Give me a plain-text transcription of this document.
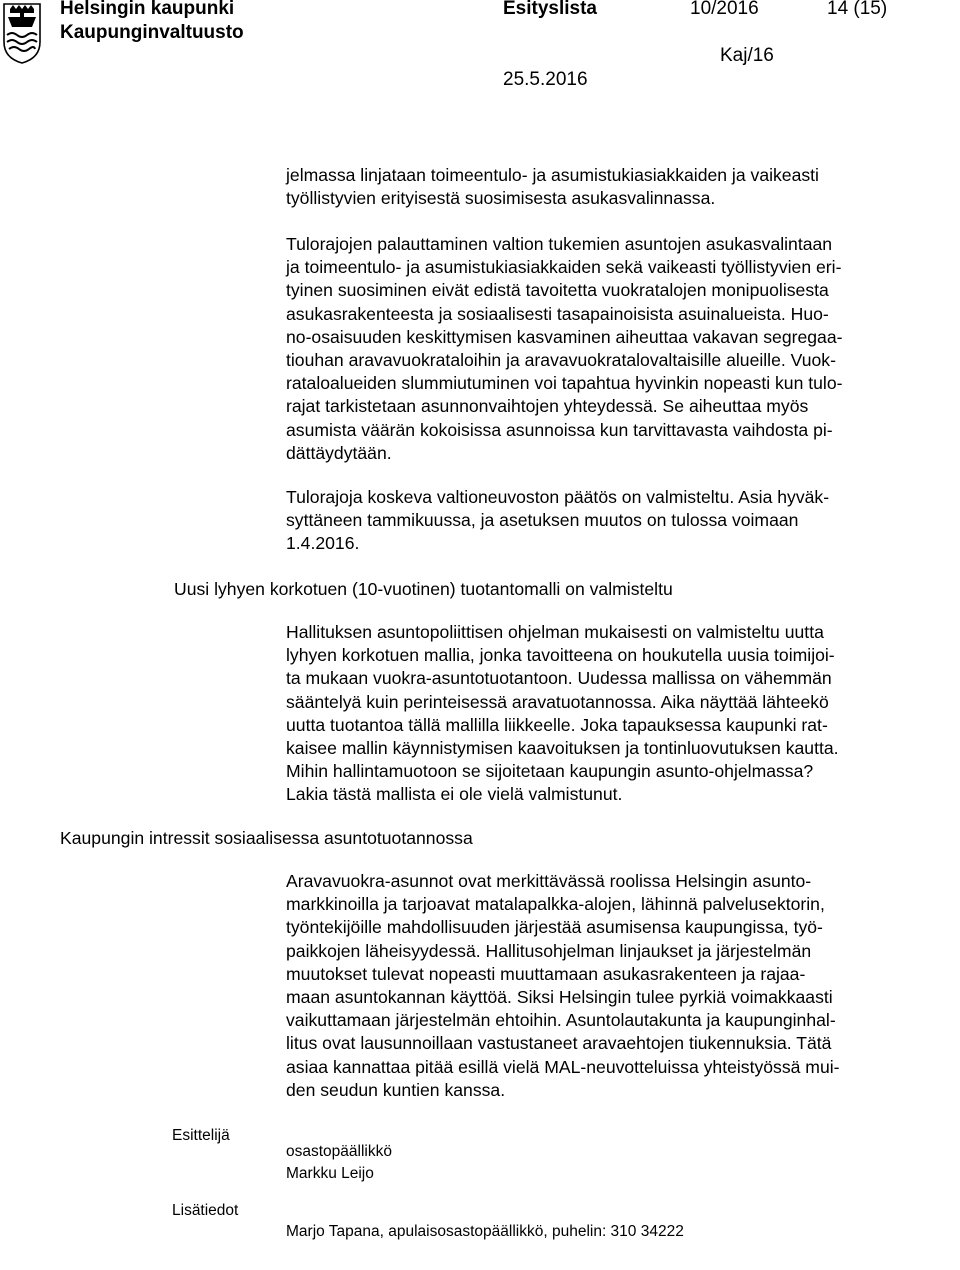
Helsingin kaupunki
Kaupunginvaltuusto
Esityslista	10/2016	14 (15)
Kaj/16
25.5.2016
jelmassa linjataan toimeentulo- ja asumistukiasiakkaiden ja vaikeasti
työllistyvien erityisestä suosimisesta asukasvalinnassa.
Tulorajojen palauttaminen valtion tukemien asuntojen asukasvalintaan
ja toimeentulo- ja asumistukiasiakkaiden sekä vaikeasti työllistyvien eri-
tyinen suosiminen eivät edistä tavoitetta vuokratalojen monipuolisesta
asukasrakenteesta ja sosiaalisesti tasapainoisista asuinalueista. Huo-
no-osaisuuden keskittymisen kasvaminen aiheuttaa vakavan segregaa-
tiouhan aravavuokrataloihin ja aravavuokratalovaltaisille alueille. Vuok-
rataloalueiden slummiutuminen voi tapahtua hyvinkin nopeasti kun tulo-
rajat tarkistetaan asunnonvaihtojen yhteydessä. Se aiheuttaa myös
asumista väärän kokoisissa asunnoissa kun tarvittavasta vaihdosta pi-
dättäydytään.
Tulorajoja koskeva valtioneuvoston päätös on valmisteltu. Asia hyväk-
syttäneen tammikuussa, ja asetuksen muutos on tulossa voimaan
1.4.2016.
Uusi lyhyen korkotuen (10-vuotinen) tuotantomalli on valmisteltu
Hallituksen asuntopoliittisen ohjelman mukaisesti on valmisteltu uutta
lyhyen korkotuen mallia, jonka tavoitteena on houkutella uusia toimijoi-
ta mukaan vuokra-asuntotuotantoon. Uudessa mallissa on vähemmän
sääntelyä kuin perinteisessä aravatuotannossa. Aika näyttää lähteekö
uutta tuotantoa tällä mallilla liikkeelle. Joka tapauksessa kaupunki rat-
kaisee mallin käynnistymisen kaavoituksen ja tontinluovutuksen kautta.
Mihin hallintamuotoon se sijoitetaan kaupungin asunto-ohjelmassa?
Lakia tästä mallista ei ole vielä valmistunut.
Kaupungin intressit sosiaalisessa asuntotuotannossa
Aravavuokra-asunnot ovat merkittävässä roolissa Helsingin asunto-
markkinoilla ja tarjoavat matalapalkka-alojen, lähinnä palvelusektorin,
työntekijöille mahdollisuuden järjestää asumisensa kaupungissa, työ-
paikkojen läheisyydessä. Hallitusohjelman linjaukset ja järjestelmän
muutokset tulevat nopeasti muuttamaan asukasrakenteen ja rajaa-
maan asuntokannan käyttöä. Siksi Helsingin tulee pyrkiä voimakkaasti
vaikuttamaan järjestelmän ehtoihin. Asuntolautakunta ja kaupunginhal-
litus ovat lausunnoillaan vastustaneet aravaehtojen tiukennuksia. Tätä
asiaa kannattaa pitää esillä vielä MAL-neuvotteluissa yhteistyössä mui-
den seudun kuntien kanssa.
Esittelijä
osastopäällikkö
Markku Leijo
Lisätiedot
Marjo Tapana, apulaisosastopäällikkö, puhelin: 310 34222
